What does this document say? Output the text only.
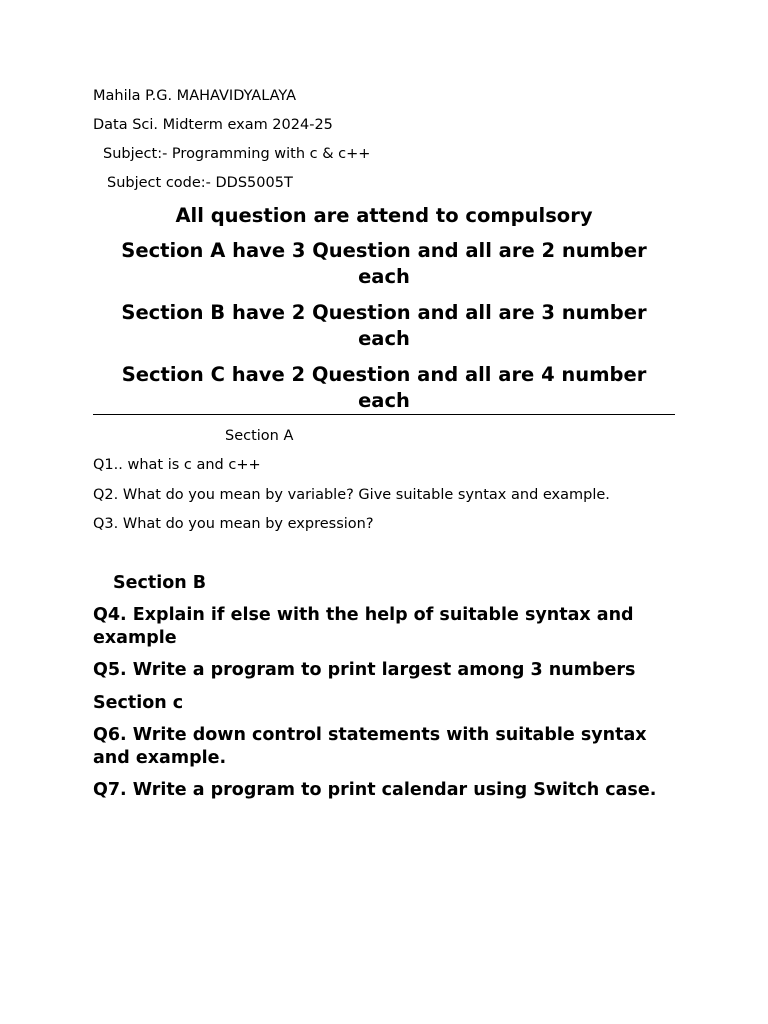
Mahila P.G. MAHAVIDYALAYA
Data Sci. Midterm exam 2024-25
Subject:- Programming with c & c++
Subject code:- DDS5005T
All question are attend to compulsory
Section A have 3 Question and all are 2 number each
Section B have 2 Question and all are 3 number each
Section C have 2 Question and all are 4 number each
Section A
Q1.. what is c and c++
Q2. What do you mean by variable? Give suitable syntax and example.
Q3. What do you mean by expression?
Section B
Q4. Explain if else with the help of suitable syntax and example
Q5. Write a program to print largest among 3 numbers
Section c
Q6. Write down control statements with suitable syntax and example.
Q7. Write a program to print calendar using Switch case.
